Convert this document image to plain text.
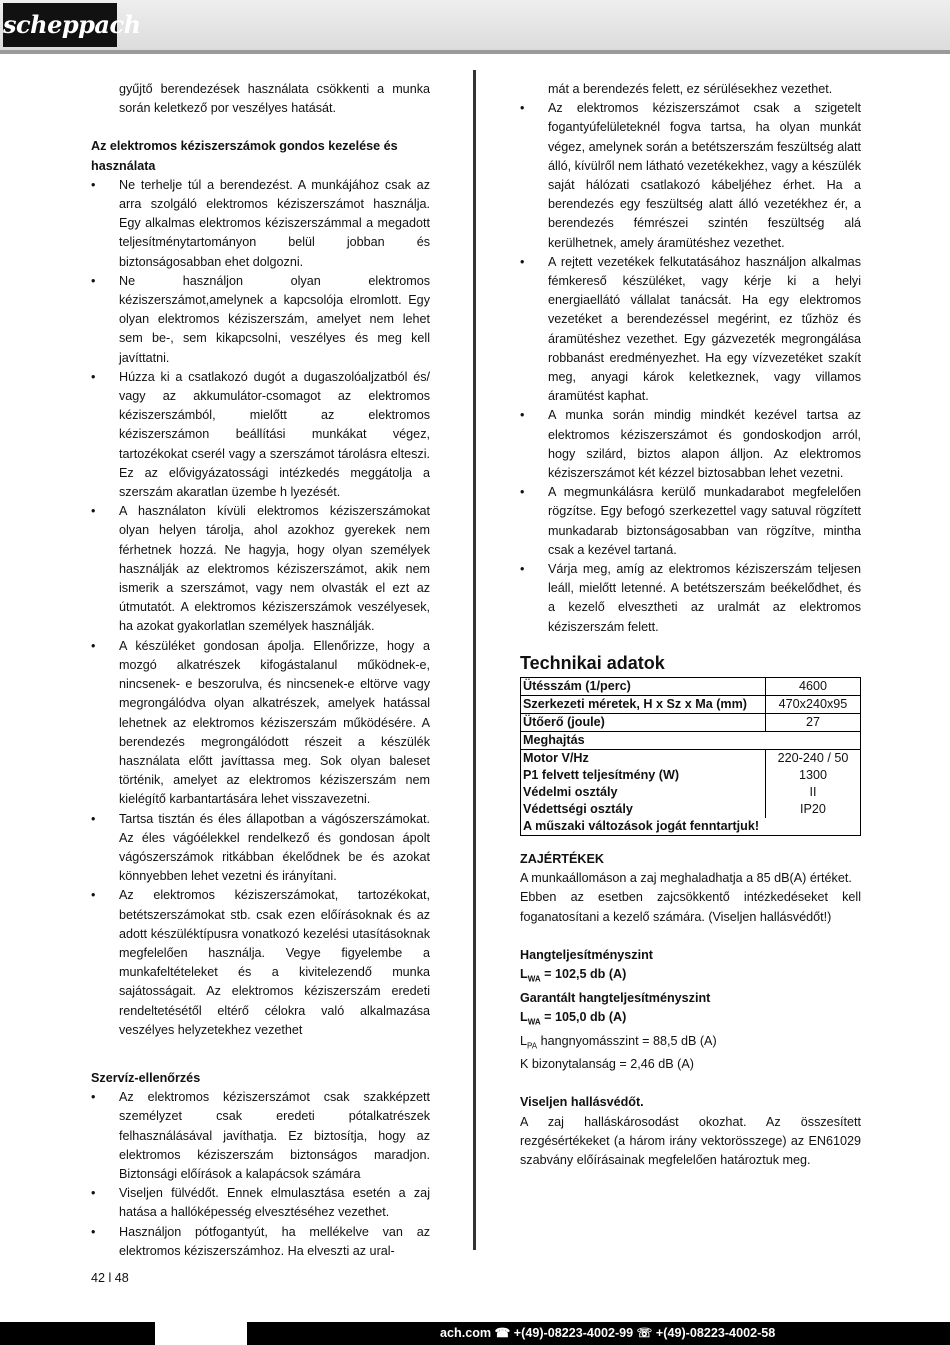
scheppach

gyűjtő berendezések használata csökkenti a munka során keletkező por veszélyes hatását.

Az elektromos kéziszerszámok gondos kezelése és használata
• Ne terhelje túl a berendezést. A munkájához csak az arra szolgáló elektromos kéziszerszámot használja. Egy alkalmas elektromos kéziszerszámmal a megadott teljesítménytartományon belül jobban és biztonságosabban ehet dolgozni.
• Ne használjon olyan elektromos kéziszerszámot,amelynek a kapcsolója elromlott. Egy olyan elektromos kéziszerszám, amelyet nem lehet sem be-, sem kikapcsolni, veszélyes és meg kell javíttatni.
• Húzza ki a csatlakozó dugót a dugaszolóaljzatból és/ vagy az akkumulátor-csomagot az elektromos kéziszerszámból, mielőtt az elektromos kéziszerszámon beállítási munkákat végez, tartozékokat cserél vagy a szerszámot tárolásra elteszi. Ez az elővigyázatossági intézkedés meggátolja a szerszám akaratlan üzembe h lyezését.
• A használaton kívüli elektromos kéziszerszámokat olyan helyen tárolja, ahol azokhoz gyerekek nem férhetnek hozzá. Ne hagyja, hogy olyan személyek használják az elektromos kéziszerszámot, akik nem ismerik a szerszámot, vagy nem olvasták el ezt az útmutatót. A elektromos kéziszerszámok veszélyesek, ha azokat gyakorlatlan személyek használják.
• A készüléket gondosan ápolja. Ellenőrizze, hogy a mozgó alkatrészek kifogástalanul működnek-e, nincsenek- e beszorulva, és nincsenek-e eltörve vagy megrongálódva olyan alkatrészek, amelyek hatással lehetnek az elektromos kéziszerszám működésére. A berendezés megrongálódott részeit a készülék használata előtt javíttassa meg. Sok olyan baleset történik, amelyet az elektromos kéziszerszám nem kielégítő karbantartására lehet visszavezetni.
• Tartsa tisztán és éles állapotban a vágószerszámokat. Az éles vágóélekkel rendelkező és gondosan ápolt vágószerszámok ritkábban ékelődnek be és azokat könnyebben lehet vezetni és irányítani.
• Az elektromos kéziszerszámokat, tartozékokat, betétszerszámokat stb. csak ezen előírásoknak és az adott készüléktípusra vonatkozó kezelési utasításoknak megfelelően használja. Vegye figyelembe a munkafeltételeket és a kivitelezendő munka sajátosságait. Az elektromos kéziszerszám eredeti rendeltetésétől eltérő célokra való alkalmazása veszélyes helyzetekhez vezethet
Szervíz-ellenőrzés
• Az elektromos kéziszerszámot csak szakképzett személyzet csak eredeti pótalkatrészek felhasználásával javíthatja. Ez biztosítja, hogy az elektromos kéziszerszám biztonságos maradjon. Biztonsági előírások a kalapácsok számára
• Viseljen fülvédőt. Ennek elmulasztása esetén a zaj hatása a hallóképesség elvesztéséhez vezethet.
• Használjon pótfogantyút, ha mellékelve van az elektromos kéziszerszámhoz. Ha elveszti az ural-

mát a berendezés felett, ez sérülésekhez vezethet.

• Az elektromos kéziszerszámot csak a szigetelt fogantyúfelületeknél fogva tartsa, ha olyan munkát végez, amelynek során a betétszerszám feszültség alatt álló, kívülről nem látható vezetékekhez, vagy a készülék saját hálózati csatlakozó kábeljéhez érhet. Ha a berendezés egy feszültség alatt álló vezetékhez ér, a berendezés fémrészei szintén feszültség alá kerülhetnek, amely áramütéshez vezethet.
• A rejtett vezetékek felkutatásához használjon alkalmas fémkereső készüléket, vagy kérje ki a helyi energiaellátó vállalat tanácsát. Ha egy elektromos vezetéket a berendezéssel megérint, ez tűzhöz és áramütéshez vezethet. Egy gázvezeték megrongálása robbanást eredményezhet. Ha egy vízvezetéket szakít meg, anyagi károk keletkeznek, vagy villamos áramütést kaphat.
• A munka során mindig mindkét kezével tartsa az elektromos kéziszerszámot és gondoskodjon arról, hogy szilárd, biztos alapon álljon. Az elektromos kéziszerszámot két kézzel biztosabban lehet vezetni.
• A megmunkálásra kerülő munkadarabot megfelelően rögzítse. Egy befogó szerkezettel vagy satuval rögzített munkadarab biztonságosabban van rögzítve, mintha csak a kezével tartaná.
• Várja meg, amíg az elektromos kéziszerszám teljesen leáll, mielőtt letenné. A betétszerszám beékelődhet, és a kezelő elvesztheti az uralmát az elektromos kéziszerszám felett.
Technikai adatok
Ütésszám (1/perc)	4600
Szerkezeti méretek, H x Sz x Ma (mm)	470x240x95
Ütőerő (joule)	27
Meghajtás	
Motor V/Hz	220-240 / 50
P1 felvett teljesítmény (W)	1300
Védelmi osztály	II
Védettségi osztály	IP20
A műszaki változások jogát fenntartjuk!	
ZAJÉRTÉKEK

A munkaállomáson a zaj meghaladhatja a 85 dB(A) értéket.

Ebben az esetben zajcsökkentő intézkedéseket kell foganatosítani a kezelő számára. (Viseljen hallásvédőt!)

Hangteljesítményszint

$L_{WA} = 102,5$ db (A)

Garantált hangteljesítményszint

$L_{WA} = 105,0$ db (A)

$L_{PA}$ hangnyomásszint = 88,5 dB (A)

K bizonytalanság = 2,46 dB (A)

Viseljen hallásvédőt.

A zaj halláskárosodást okozhat. Az összesített rezgésértékeket (a három irány vektorösszege) az EN61029 szabvány előírásainak megfelelően határoztuk meg.

42 l 48
ach.com ☎ +(49)-08223-4002-99 ☏ +(49)-08223-4002-58
